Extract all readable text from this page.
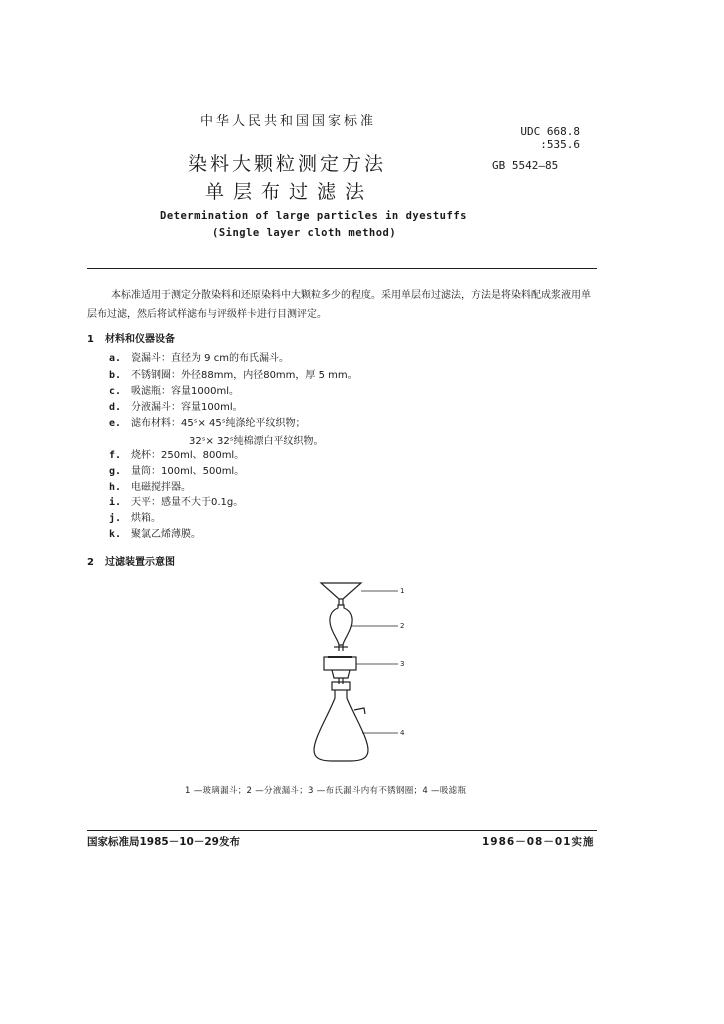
中华人民共和国国家标准
UDC 668.8
:535.6
GB 5542—85
染料大颗粒测定方法
单层布过滤法
Determination of large particles in dyestuffs
(Single layer cloth method)
本标准适用于测定分散染料和还原染料中大颗粒多少的程度。采用单层布过滤法，方法是将染料配成浆液用单层布过滤，然后将试样滤布与评级样卡进行目测评定。
1 材料和仪器设备
a. 瓷漏斗：直径为 9 cm的布氏漏斗。
b. 不锈钢圈：外径88mm，内径80mm，厚 5 mm。
c. 吸滤瓶：容量1000ml。
d. 分液漏斗：容量100ml。
e. 滤布材料：45ˢ× 45ˢ纯涤纶平纹织物；
32ˢ× 32ˢ纯棉漂白平纹织物。
f. 烧杯：250ml、800ml。
g. 量筒：100ml、500ml。
h. 电磁搅拌器。
i. 天平：感量不大于0.1g。
j. 烘箱。
k. 聚氯乙烯薄膜。
2 过滤装置示意图
1
2
3
4
1 —玻璃漏斗；2 —分液漏斗；3 —布氏漏斗内有不锈钢圈；4 —吸滤瓶
国家标准局1985－10－29发布	1986－08－01实施
